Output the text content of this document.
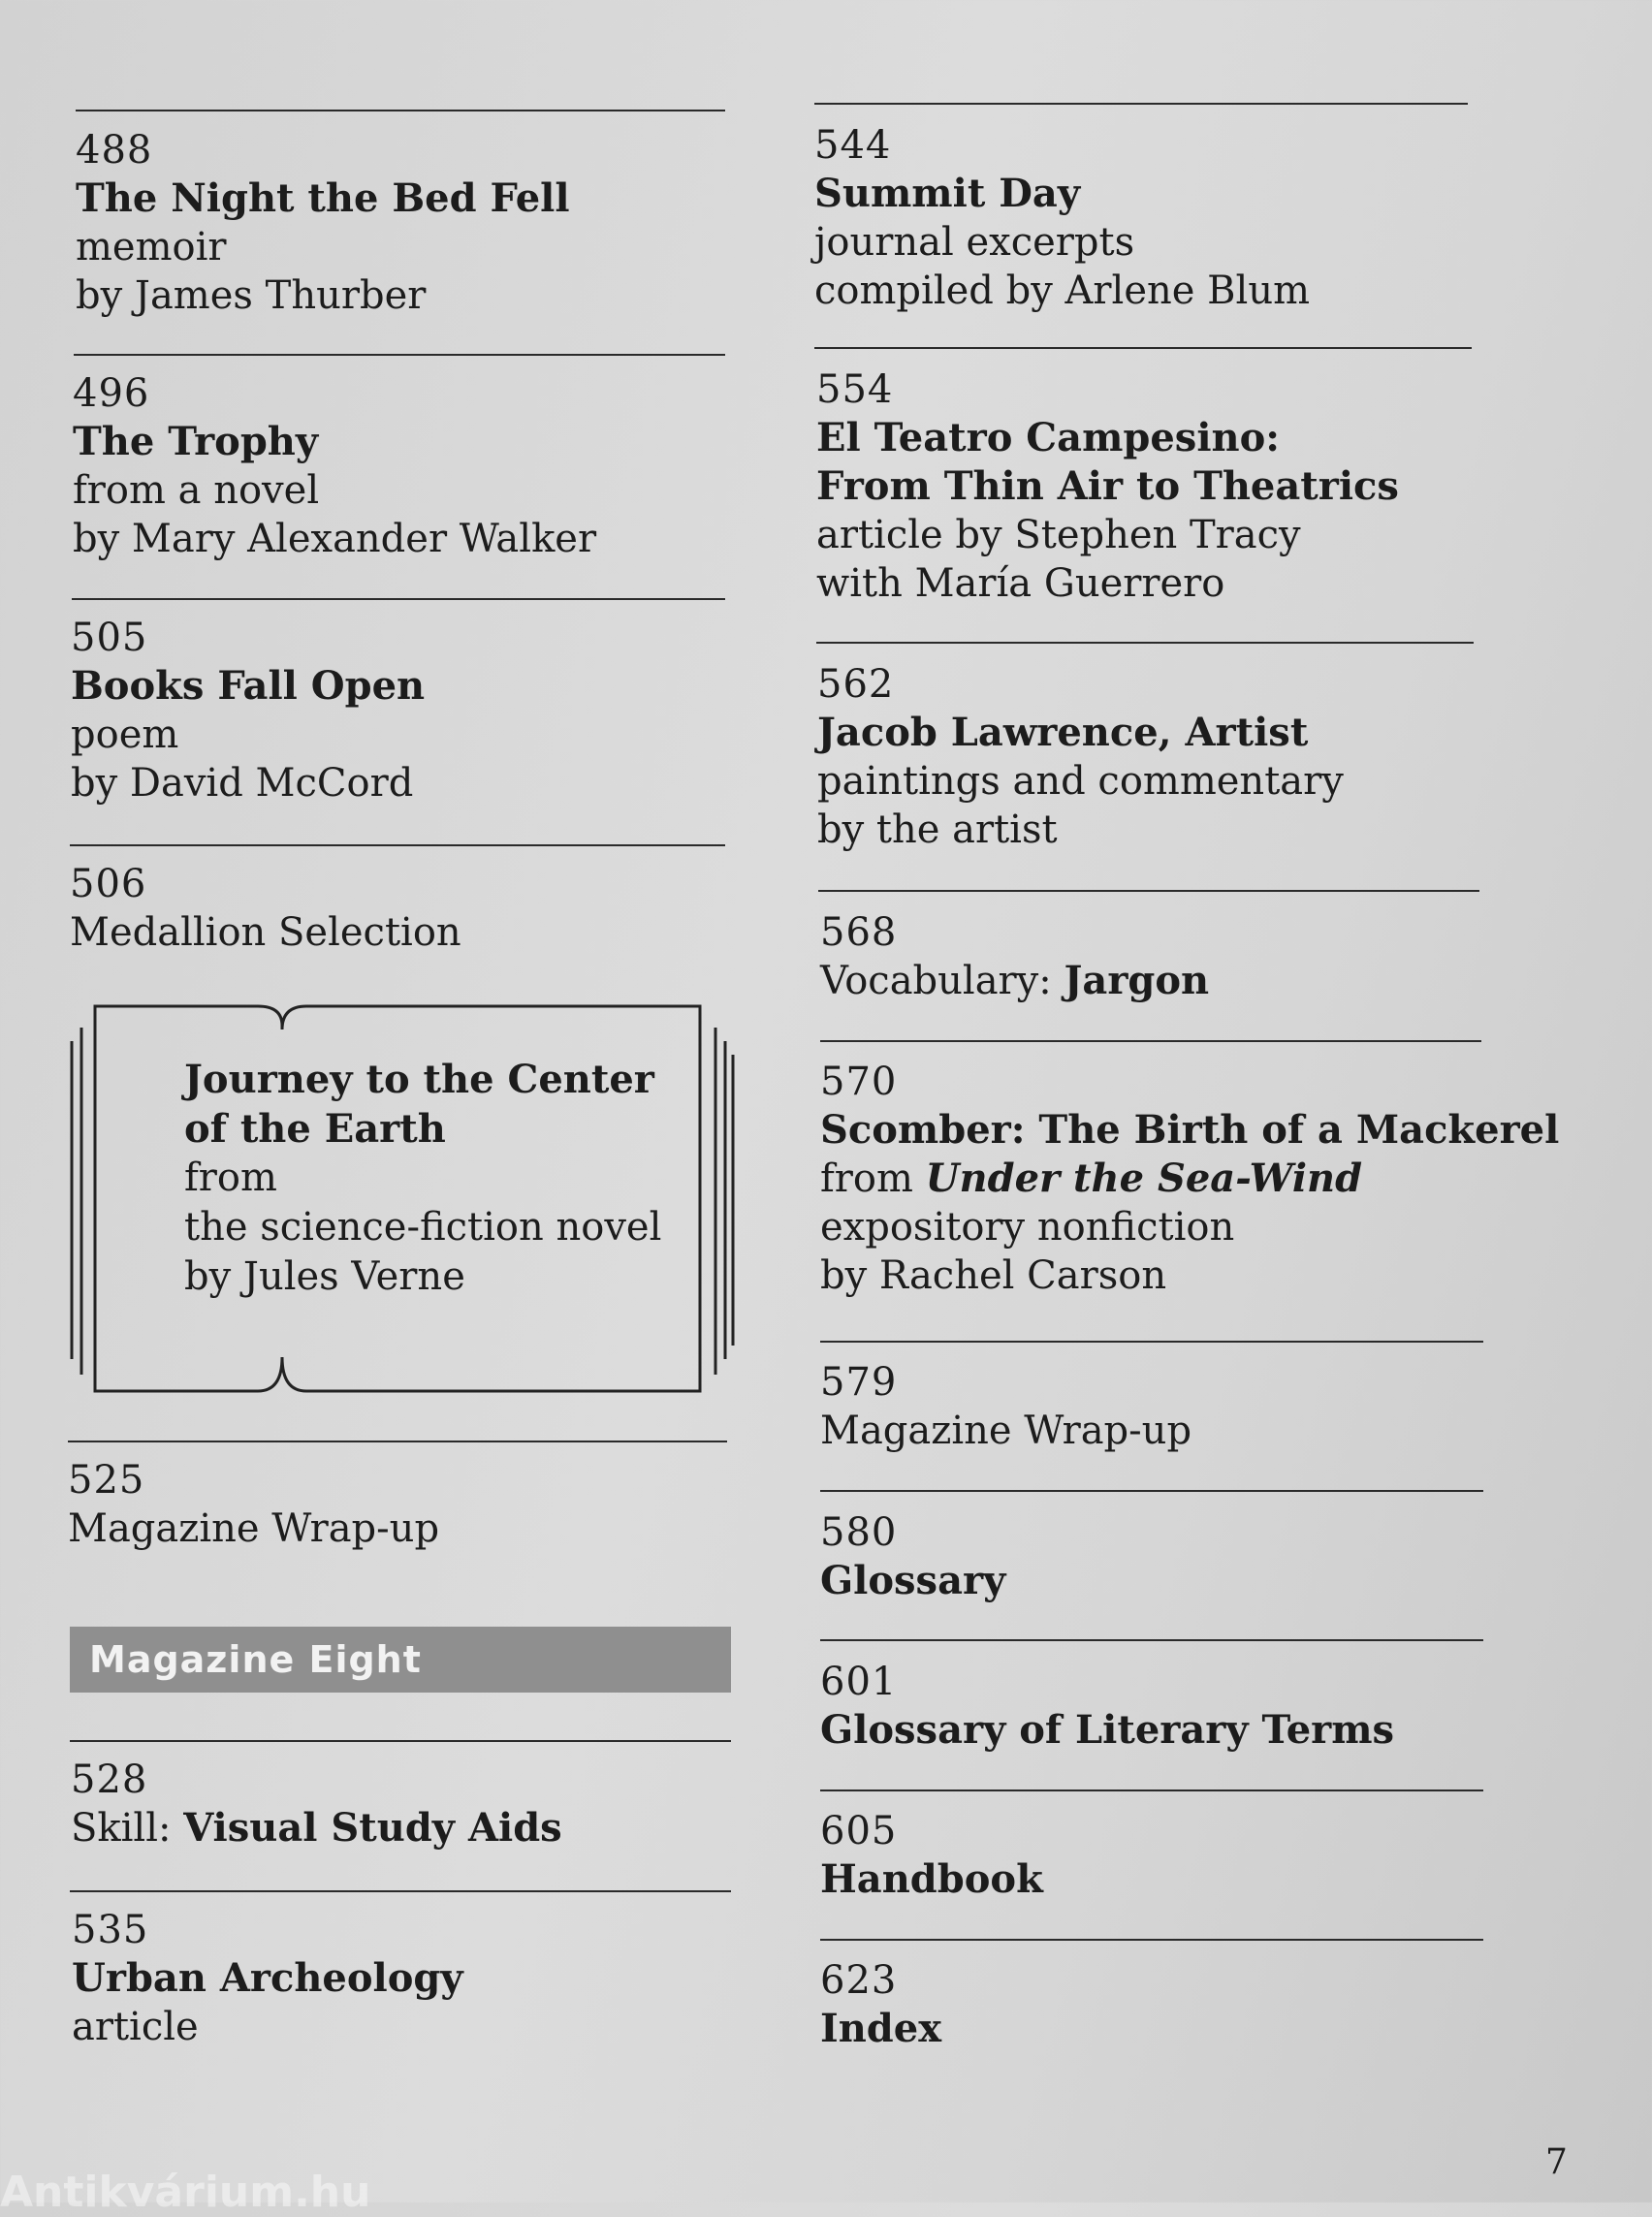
488
The Night the Bed Fell
memoir
by James Thurber
496
The Trophy
from a novel
by Mary Alexander Walker
505
Books Fall Open
poem
by David McCord
506
Medallion Selection
Journey to the Center
of the Earth
from
the science-fiction novel
by Jules Verne
525
Magazine Wrap-up
Magazine Eight
528
Skill: Visual Study Aids
535
Urban Archeology
article
544
Summit Day
journal excerpts
compiled by Arlene Blum
554
El Teatro Campesino:
From Thin Air to Theatrics
article by Stephen Tracy
with María Guerrero
562
Jacob Lawrence, Artist
paintings and commentary
by the artist
568
Vocabulary: Jargon
570
Scomber: The Birth of a Mackerel
from Under the Sea-Wind
expository nonfiction
by Rachel Carson
579
Magazine Wrap-up
580
Glossary
601
Glossary of Literary Terms
605
Handbook
623
Index
7
Antikvárium.hu
